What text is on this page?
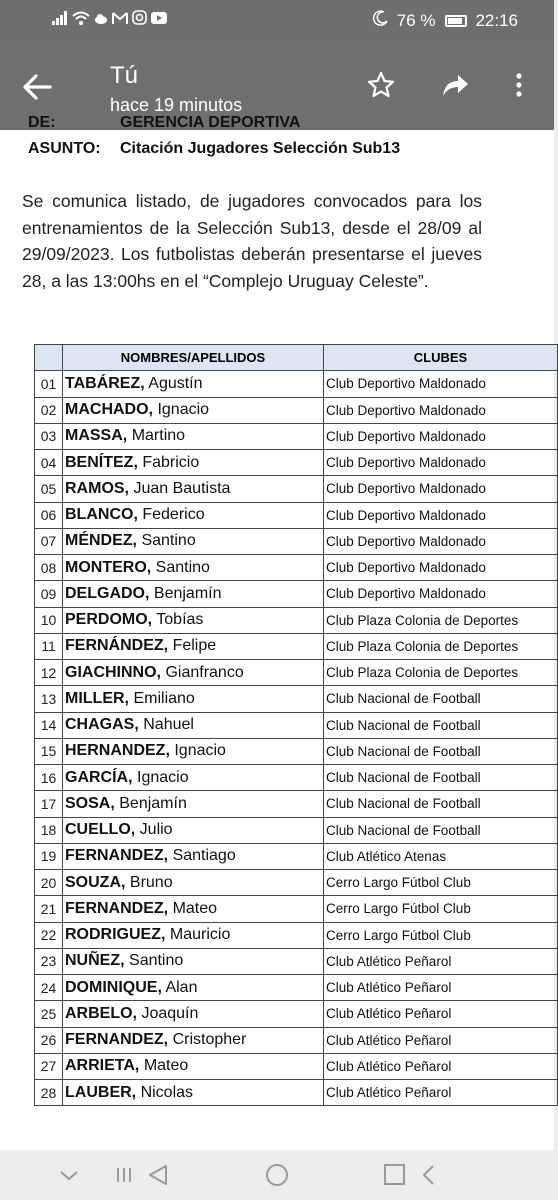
76 % 22:16
Tú
hace 19 minutos
DE:	GERENCIA DEPORTIVA
ASUNTO: Citación Jugadores Selección Sub13
Se comunica listado, de jugadores convocados para los entrenamientos de la Selección Sub13, desde el 28/09 al 29/09/2023. Los futbolistas deberán presentarse el jueves 28, a las 13:00hs en el “Complejo Uruguay Celeste”.
	NOMBRES/APELLIDOS	CLUBES
01	TABÁREZ, Agustín	Club Deportivo Maldonado
02	MACHADO, Ignacio	Club Deportivo Maldonado
03	MASSA, Martino	Club Deportivo Maldonado
04	BENÍTEZ, Fabricio	Club Deportivo Maldonado
05	RAMOS, Juan Bautista	Club Deportivo Maldonado
06	BLANCO, Federico	Club Deportivo Maldonado
07	MÉNDEZ, Santino	Club Deportivo Maldonado
08	MONTERO, Santino	Club Deportivo Maldonado
09	DELGADO, Benjamín	Club Deportivo Maldonado
10	PERDOMO, Tobías	Club Plaza Colonia de Deportes
11	FERNÁNDEZ, Felipe	Club Plaza Colonia de Deportes
12	GIACHINNO, Gianfranco	Club Plaza Colonia de Deportes
13	MILLER, Emiliano	Club Nacional de Football
14	CHAGAS, Nahuel	Club Nacional de Football
15	HERNANDEZ, Ignacio	Club Nacional de Football
16	GARCÍA, Ignacio	Club Nacional de Football
17	SOSA, Benjamín	Club Nacional de Football
18	CUELLO, Julio	Club Nacional de Football
19	FERNANDEZ, Santiago	Club Atlético Atenas
20	SOUZA, Bruno	Cerro Largo Fútbol Club
21	FERNANDEZ, Mateo	Cerro Largo Fútbol Club
22	RODRIGUEZ, Mauricio	Cerro Largo Fútbol Club
23	NUÑEZ, Santino	Club Atlético Peñarol
24	DOMINIQUE, Alan	Club Atlético Peñarol
25	ARBELO, Joaquín	Club Atlético Peñarol
26	FERNANDEZ, Cristopher	Club Atlético Peñarol
27	ARRIETA, Mateo	Club Atlético Peñarol
28	LAUBER, Nicolas	Club Atlético Peñarol
